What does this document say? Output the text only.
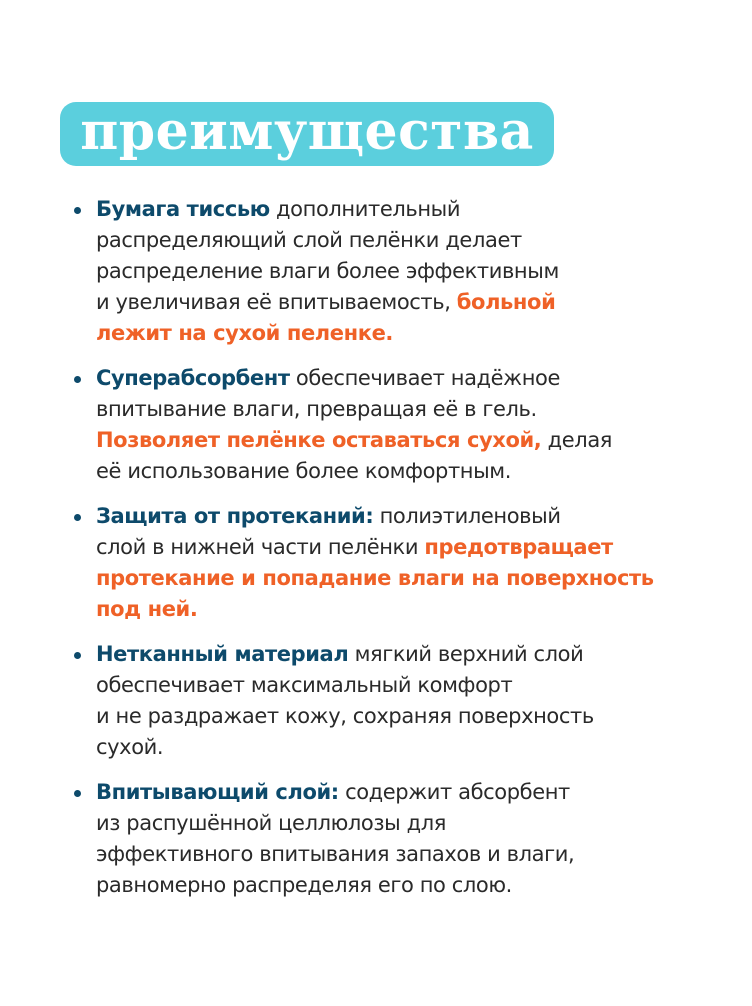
преимущества
Бумага тиссью дополнительный
распределяющий слой пелёнки делает
распределение влаги более эффективным
и увеличивая её впитываемость, больной
лежит на сухой пеленке.
Суперабсорбент обеспечивает надёжное
впитывание влаги, превращая её в гель.
Позволяет пелёнке оставаться сухой, делая
её использование более комфортным.
Защита от протеканий: полиэтиленовый
слой в нижней части пелёнки предотвращает
протекание и попадание влаги на поверхность
под ней.
Нетканный материал мягкий верхний слой
обеспечивает максимальный комфорт
и не раздражает кожу, сохраняя поверхность
сухой.
Впитывающий слой: содержит абсорбент
из распушённой целлюлозы для
эффективного впитывания запахов и влаги,
равномерно распределяя его по слою.
